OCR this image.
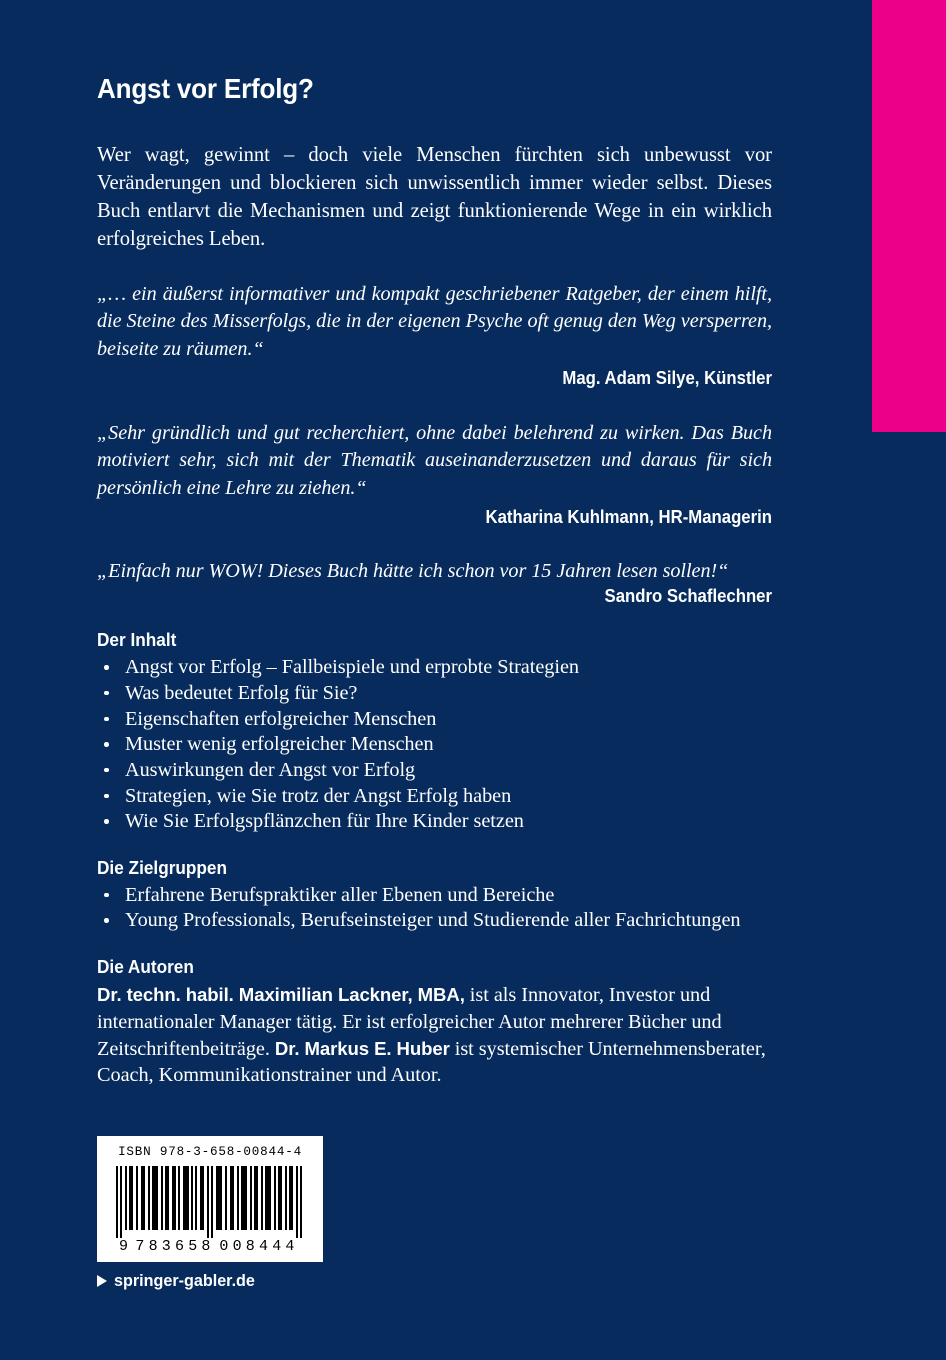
Angst vor Erfolg?

Wer wagt, gewinnt – doch viele Menschen fürchten sich unbewusst vor Veränderungen und blockieren sich unwissentlich immer wieder selbst. Dieses Buch entlarvt die Mechanismen und zeigt funktionierende Wege in ein wirklich erfolgreiches Leben.

„… ein äußerst informativer und kompakt geschriebener Ratgeber, der einem hilft, die Steine des Misserfolgs, die in der eigenen Psyche oft genug den Weg versperren, beiseite zu räumen.“

Mag. Adam Silye, Künstler

„Sehr gründlich und gut recherchiert, ohne dabei belehrend zu wirken. Das Buch motiviert sehr, sich mit der Thematik auseinanderzusetzen und daraus für sich persönlich eine Lehre zu ziehen.“

Katharina Kuhlmann, HR-Managerin

„Einfach nur WOW! Dieses Buch hätte ich schon vor 15 Jahren lesen sollen!“

Sandro Schaflechner

Der Inhalt

Angst vor Erfolg – Fallbeispiele und erprobte Strategien
Was bedeutet Erfolg für Sie?
Eigenschaften erfolgreicher Menschen
Muster wenig erfolgreicher Menschen
Auswirkungen der Angst vor Erfolg
Strategien, wie Sie trotz der Angst Erfolg haben
Wie Sie Erfolgspflänzchen für Ihre Kinder setzen

Die Zielgruppen

Erfahrene Berufspraktiker aller Ebenen und Bereiche
Young Professionals, Berufseinsteiger und Studierende aller Fachrichtungen

Die Autoren

Dr. techn. habil. Maximilian Lackner, MBA, ist als Innovator, Investor und internationaler Manager tätig. Er ist erfolgreicher Autor mehrerer Bücher und Zeitschriftenbeiträge. Dr. Markus E. Huber ist systemischer Unternehmensberater, Coach, Kommunikationstrainer und Autor.

ISBN 978-3-658-00844-4

9 783658 008444
springer-gabler.de
